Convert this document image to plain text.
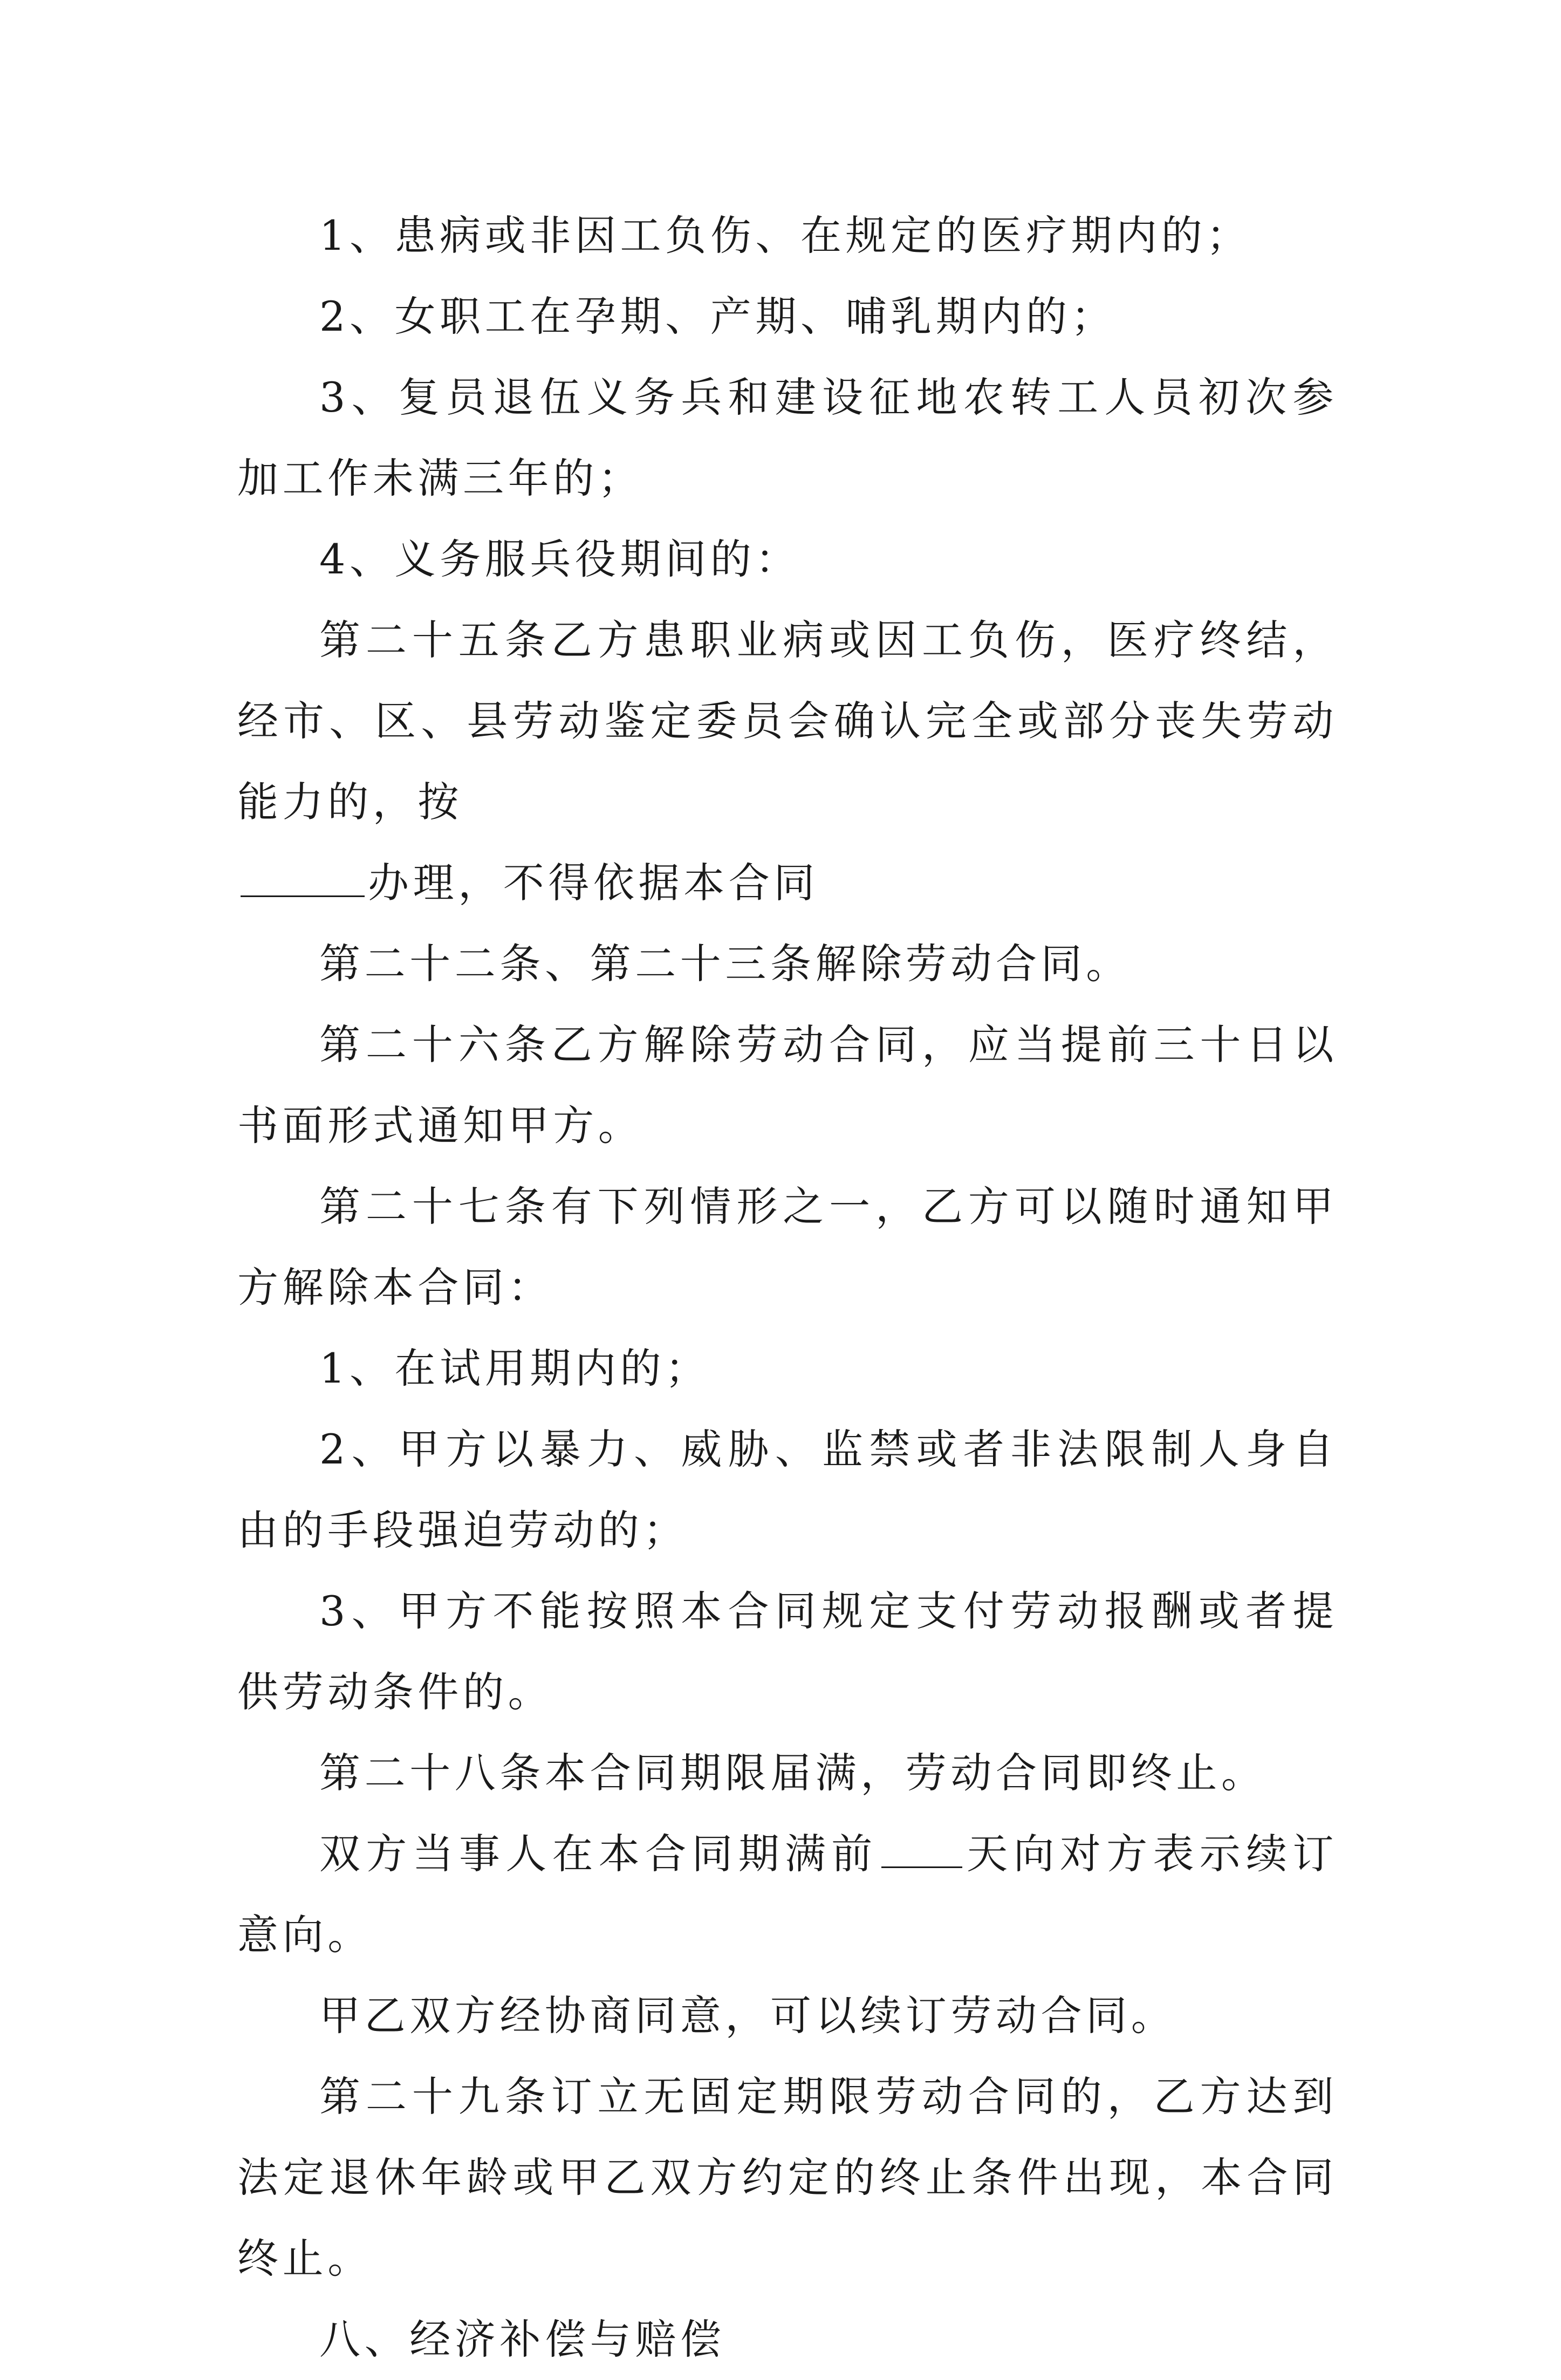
1、患病或非因工负伤、在规定的医疗期内的；

2、女职工在孕期、产期、哺乳期内的；

3、复员退伍义务兵和建设征地农转工人员初次参加工作未满三年的；

4、义务服兵役期间的：

第二十五条乙方患职业病或因工负伤，医疗终结，经市、区、县劳动鉴定委员会确认完全或部分丧失劳动能力的，按
办理，不得依据本合同

第二十二条、第二十三条解除劳动合同。

第二十六条乙方解除劳动合同，应当提前三十日以书面形式通知甲方。

第二十七条有下列情形之一，乙方可以随时通知甲方解除本合同：

1、在试用期内的；

2、甲方以暴力、威胁、监禁或者非法限制人身自由的手段强迫劳动的；

3、甲方不能按照本合同规定支付劳动报酬或者提供劳动条件的。

第二十八条本合同期限届满，劳动合同即终止。

双方当事人在本合同期满前 天向对方表示续订意向。

甲乙双方经协商同意，可以续订劳动合同。

第二十九条订立无固定期限劳动合同的，乙方达到法定退休年龄或甲乙双方约定的终止条件出现，本合同终止。

八、经济补偿与赔偿
